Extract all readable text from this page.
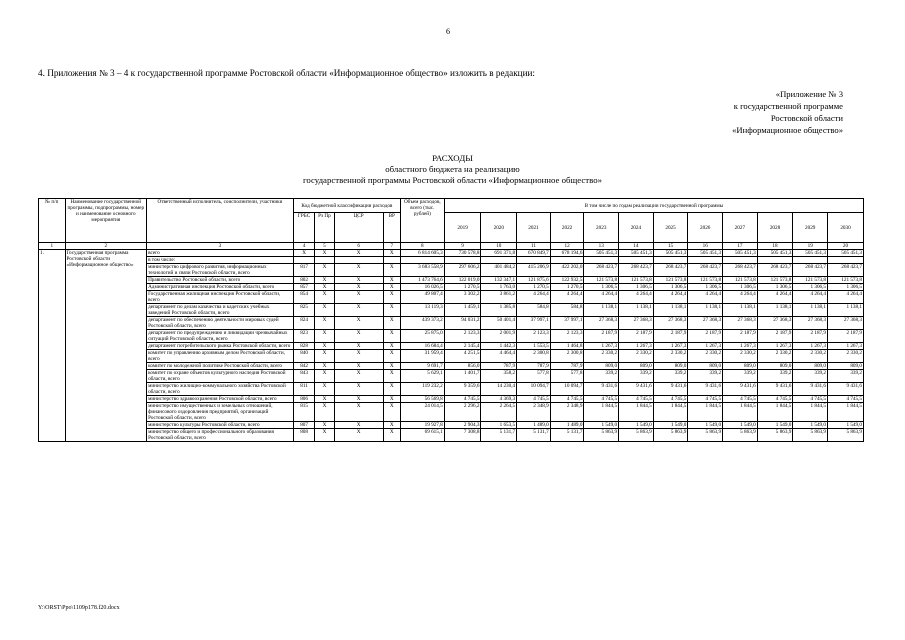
6
4. Приложения № 3 – 4 к государственной программе Ростовской области «Информационное общество» изложить в редакции:
«Приложение № 3
к государственной программе
Ростовской области
«Информационное общество»
РАСХОДЫ
областного бюджета на реализацию
государственной программы Ростовской области «Информационное общество»
№ п/п	Наименование государственной программы, подпрограммы, номер и наименование основного мероприятия	Ответственный исполнитель, соисполнители, участники	Код бюджетной классификации расходов				Объем расходов, всего (тыс. рублей)	В том числе по годам реализации государственной программы											
			ГРБС	Рз Пр	ЦСР	ВР		2019	2020	2021	2022	2023	2024	2025	2026	2027	2028	2029	2030
1	2	3	4	5	6	7	8	9	10	11	12	13	14	15	16	17	18	19	20
1.	Государственная программа Ростовской области «Информационное общество»	всего	X	X	X	X	6 814 605,3	730 578,8	691 371,8	670 849,7	678 194,6	505 451,3	505 451,3	505 451,3	505 451,3	505 451,3	505 451,3	505 451,3	505 451,3
		в том числе:																	
		министерство цифрового развития, информационных технологий и связи Ростовской области, всего	817	X	X	X	3 683 558,9	297 606,2	401 484,2	415 206,9	422 202,0	268 423,7	268 423,7	268 423,7	268 423,7	268 423,7	268 423,7	268 423,7	268 423,7
		Правительство Ростовской области, всего	802	X	X	X	1 473 764,6	122 019,0	132 347,1	121 875,6	122 932,5	121 573,8	121 573,8	121 573,8	121 573,8	121 573,8	121 573,8	121 573,8	121 573,8
		Административная инспекция Ростовской области, всего	857	X	X	X	16 026,5	1 270,5	1 763,0	1 270,5	1 270,5	1 306,5	1 306,5	1 306,5	1 306,5	1 306,5	1 306,5	1 306,5	1 306,5
		Государственная жилищная инспекция Ростовской области, всего	854	X	X	X	49 807,4	3 302,2	3 861,2	4 264,4	4 264,4	4 264,4	4 264,4	4 264,4	4 264,4	4 264,4	4 264,4	4 264,4	4 264,4
		департамент по делам казачества и кадетских учебных заведений Ростовской области, всего	825	X	X	X	13 119,3	1 459,1	1 385,8	584,8	584,8	1 138,1	1 138,1	1 138,1	1 138,1	1 138,1	1 138,1	1 138,1	1 138,1
		департамент по обеспечению деятельности мировых судей Ростовской области, всего	824	X	X	X	439 373,2	94 031,2	50 401,4	37 997,1	37 997,1	27 368,3	27 368,3	27 368,3	27 368,3	27 368,3	27 368,3	27 368,3	27 368,3
		департамент по предупреждению и ликвидации чрезвычайных ситуаций Ростовской области, всего	823	X	X	X	25 875,0	2 123,3	2 001,9	2 123,3	2 123,3	2 187,9	2 187,9	2 187,9	2 187,9	2 187,9	2 187,9	2 187,9	2 187,9
		департамент потребительского рынка Ростовской области, всего	828	X	X	X	16 684,4	2 145,4	1 442,3	1 553,5	1 464,8	1 267,3	1 267,3	1 267,3	1 267,3	1 267,3	1 267,3	1 267,3	1 267,3
		комитет по управлению архивным делом Ростовской области, всего	840	X	X	X	31 959,4	4 251,5	4 464,4	2 300,8	2 300,8	2 330,2	2 330,2	2 330,2	2 330,2	2 330,2	2 330,2	2 330,2	2 330,2
		комитет по молодежной политике Ростовской области, всего	842	X	X	X	9 691,7	856,0	787,9	787,9	787,9	809,0	809,0	809,0	809,0	809,0	809,0	809,0	809,0
		комитет по охране объектов культурного наследия Ростовской области, всего	843	X	X	X	5 629,1	1 401,7	358,2	577,8	577,8	339,2	339,2	339,2	339,2	339,2	339,2	339,2	339,2
		министерство жилищно-коммунального хозяйства Ростовской области, всего	811	X	X	X	119 232,2	9 359,6	14 230,4	10 094,7	10 094,7	9 431,6	9 431,6	9 431,6	9 431,6	9 431,6	9 431,6	9 431,6	9 431,6
		министерство здравоохранения Ростовской области, всего	806	X	X	X	56 569,8	4 745,5	4 369,3	4 745,5	4 745,5	4 745,5	4 745,5	4 745,5	4 745,5	4 745,5	4 745,5	4 745,5	4 745,5
		министерство имущественных и земельных отношений, финансового оздоровления предприятий, организаций Ростовской области, всего	815	X	X	X	24 014,5	2 296,2	2 264,5	2 348,9	2 348,9	1 844,5	1 844,5	1 844,5	1 844,5	1 844,5	1 844,5	1 844,5	1 844,5
		министерство культуры Ростовской области, всего	807	X	X	X	19 927,8	2 904,3	1 653,5	1 489,0	1 489,0	1 549,0	1 549,0	1 549,0	1 549,0	1 549,0	1 549,0	1 549,0	1 549,0
		министерство общего и профессионального образования Ростовской области, всего	808	X	X	X	69 615,1	7 308,8	5 131,7	5 131,7	5 131,7	5 863,9	5 863,9	5 863,9	5 863,9	5 863,9	5 863,9	5 863,9	5 863,9
Y:\ORST\Ppo\1109p178.f20.docx
